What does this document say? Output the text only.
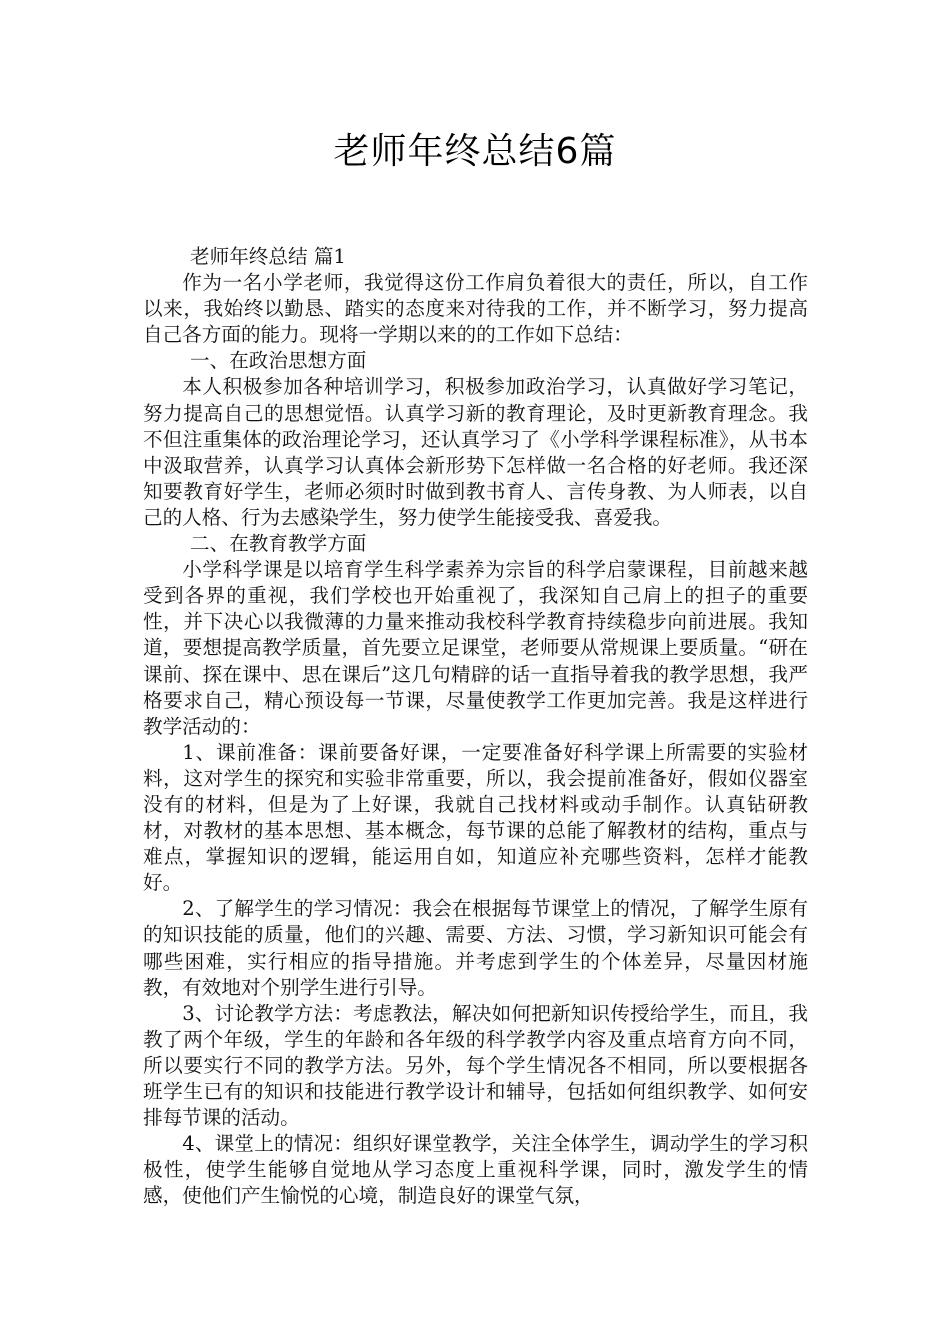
老师年终总结6篇

老师年终总结 篇1

作为一名小学老师，我觉得这份工作肩负着很大的责任，所以，自工作以来，我始终以勤恳、踏实的态度来对待我的工作，并不断学习，努力提高自己各方面的能力。现将一学期以来的的工作如下总结：

一、在政治思想方面

本人积极参加各种培训学习，积极参加政治学习，认真做好学习笔记，努力提高自己的思想觉悟。认真学习新的教育理论，及时更新教育理念。我不但注重集体的政治理论学习，还认真学习了《小学科学课程标准》，从书本中汲取营养，认真学习认真体会新形势下怎样做一名合格的好老师。我还深知要教育好学生，老师必须时时做到教书育人、言传身教、为人师表，以自己的人格、行为去感染学生，努力使学生能接受我、喜爱我。

二、在教育教学方面

小学科学课是以培育学生科学素养为宗旨的科学启蒙课程，目前越来越受到各界的重视，我们学校也开始重视了，我深知自己肩上的担子的重要性，并下决心以我微薄的力量来推动我校科学教育持续稳步向前进展。我知道，要想提高教学质量，首先要立足课堂，老师要从常规课上要质量。“研在课前、探在课中、思在课后”这几句精辟的话一直指导着我的教学思想，我严格要求自己，精心预设每一节课，尽量使教学工作更加完善。我是这样进行教学活动的：

1、课前准备：课前要备好课，一定要准备好科学课上所需要的实验材料，这对学生的探究和实验非常重要，所以，我会提前准备好，假如仪器室没有的材料，但是为了上好课，我就自己找材料或动手制作。认真钻研教材，对教材的基本思想、基本概念，每节课的总能了解教材的结构，重点与难点，掌握知识的逻辑，能运用自如，知道应补充哪些资料，怎样才能教好。

2、了解学生的学习情况：我会在根据每节课堂上的情况，了解学生原有的知识技能的质量，他们的兴趣、需要、方法、习惯，学习新知识可能会有哪些困难，实行相应的指导措施。并考虑到学生的个体差异，尽量因材施教，有效地对个别学生进行引导。

3、讨论教学方法：考虑教法，解决如何把新知识传授给学生，而且，我教了两个年级，学生的年龄和各年级的科学教学内容及重点培育方向不同，所以要实行不同的教学方法。另外，每个学生情况各不相同，所以要根据各班学生已有的知识和技能进行教学设计和辅导，包括如何组织教学、如何安排每节课的活动。

4、课堂上的情况：组织好课堂教学，关注全体学生，调动学生的学习积极性，使学生能够自觉地从学习态度上重视科学课，同时，激发学生的情感，使他们产生愉悦的心境，制造良好的课堂气氛，
